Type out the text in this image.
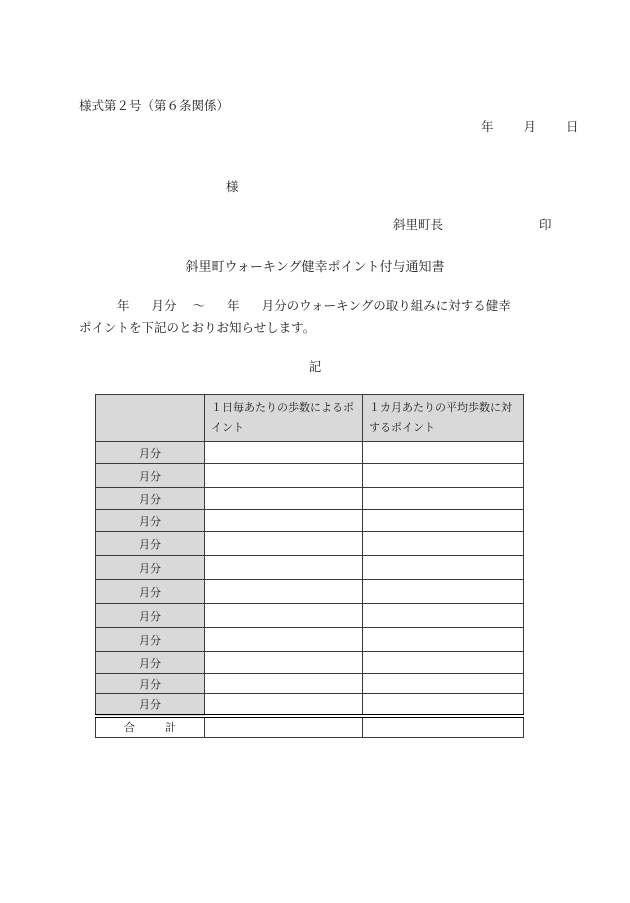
様式第２号（第６条関係）
年 月 日
様
斜里町長	印
斜里町ウォーキング健幸ポイント付与通知書
年 月分 ～ 年 月分のウォーキングの取り組みに対する健幸
ポイントを下記のとおりお知らせします。
記
	１日毎あたりの歩数によるポイント	１カ月あたりの平均歩数に対するポイント
月分		
月分		
月分		
月分		
月分		
月分		
月分		
月分		
月分		
月分		
月分		
月分		
合 計		
